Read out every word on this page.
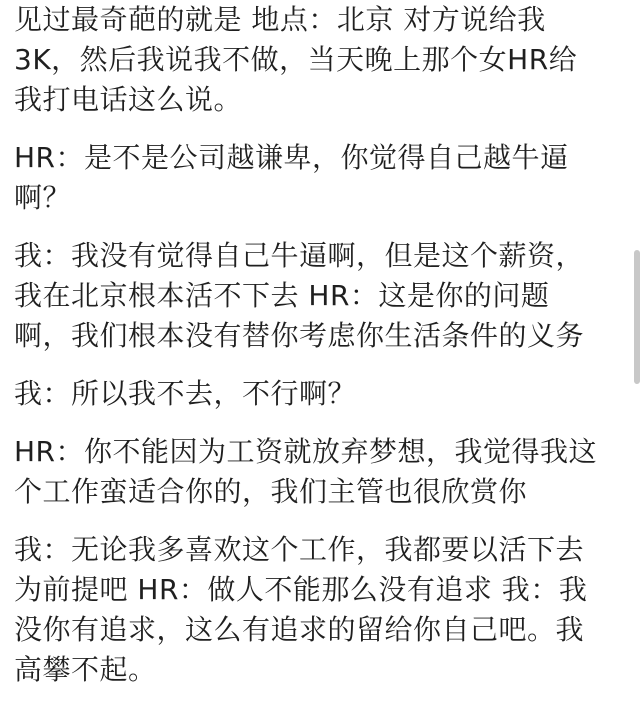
见过最奇葩的就是 地点：北京 对方说给我
3K，然后我说我不做，当天晚上那个女HR给
我打电话这么说。

HR：是不是公司越谦卑，你觉得自己越牛逼
啊？

我：我没有觉得自己牛逼啊，但是这个薪资，
我在北京根本活不下去 HR：这是你的问题
啊，我们根本没有替你考虑你生活条件的义务

我：所以我不去，不行啊？

HR：你不能因为工资就放弃梦想，我觉得我这
个工作蛮适合你的，我们主管也很欣赏你

我：无论我多喜欢这个工作，我都要以活下去
为前提吧 HR：做人不能那么没有追求 我：我
没你有追求，这么有追求的留给你自己吧。我
高攀不起。
